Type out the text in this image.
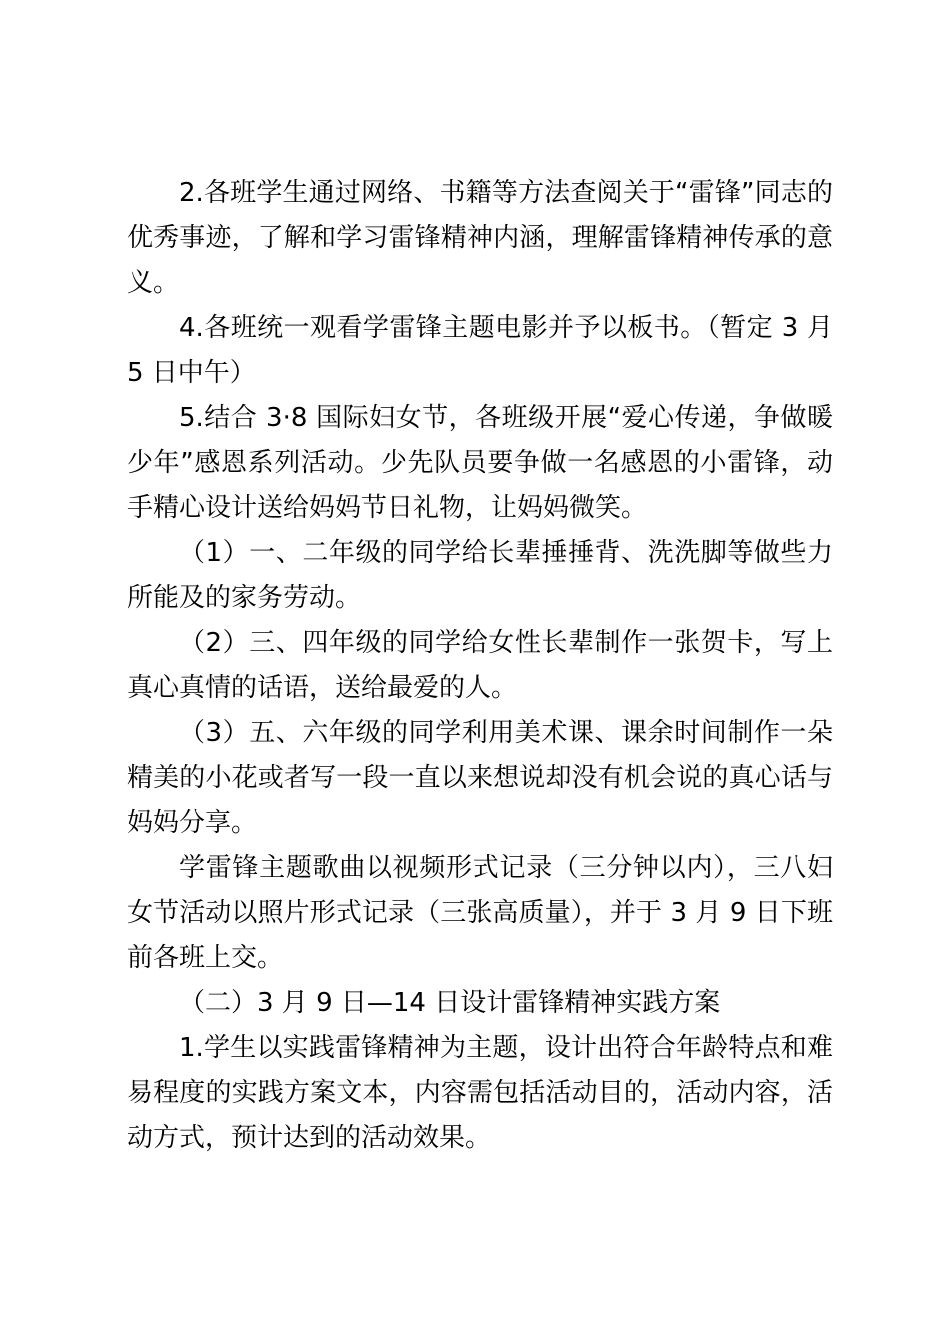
2.各班学生通过网络、书籍等方法查阅关于“雷锋”同志的优秀事迹，了解和学习雷锋精神内涵，理解雷锋精神传承的意义。

4.各班统一观看学雷锋主题电影并予以板书。（暂定 3 月 5 日中午）

5.结合 3·8 国际妇女节，各班级开展“爱心传递，争做暖少年”感恩系列活动。少先队员要争做一名感恩的小雷锋，动手精心设计送给妈妈节日礼物，让妈妈微笑。

（1）一、二年级的同学给长辈捶捶背、洗洗脚等做些力所能及的家务劳动。

（2）三、四年级的同学给女性长辈制作一张贺卡，写上真心真情的话语，送给最爱的人。

（3）五、六年级的同学利用美术课、课余时间制作一朵精美的小花或者写一段一直以来想说却没有机会说的真心话与妈妈分享。

学雷锋主题歌曲以视频形式记录（三分钟以内），三八妇女节活动以照片形式记录（三张高质量），并于 3 月 9 日下班前各班上交。

（二）3 月 9 日—14 日设计雷锋精神实践方案

1.学生以实践雷锋精神为主题，设计出符合年龄特点和难易程度的实践方案文本，内容需包括活动目的，活动内容，活动方式，预计达到的活动效果。
